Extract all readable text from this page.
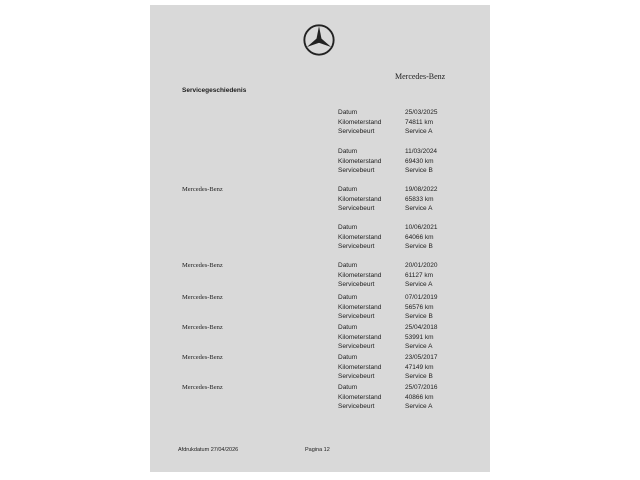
Mercedes-Benz
Servicegeschiedenis
Datum	25/03/2025
Kilometerstand	74811 km
Servicebeurt	Service A
Datum	11/03/2024
Kilometerstand	69430 km
Servicebeurt	Service B
Mercedes-Benz	Datum	19/08/2022
Kilometerstand	65833 km
Servicebeurt	Service A
Datum	10/06/2021
Kilometerstand	64066 km
Servicebeurt	Service B
Mercedes-Benz	Datum	20/01/2020
Kilometerstand	61127 km
Servicebeurt	Service A
Mercedes-Benz	Datum	07/01/2019
Kilometerstand	56576 km
Servicebeurt	Service B
Mercedes-Benz	Datum	25/04/2018
Kilometerstand	53991 km
Servicebeurt	Service A
Mercedes-Benz	Datum	23/05/2017
Kilometerstand	47149 km
Servicebeurt	Service B
Mercedes-Benz	Datum	25/07/2016
Kilometerstand	40866 km
Servicebeurt	Service A
Afdrukdatum 27/04/2026	Pagina 12
